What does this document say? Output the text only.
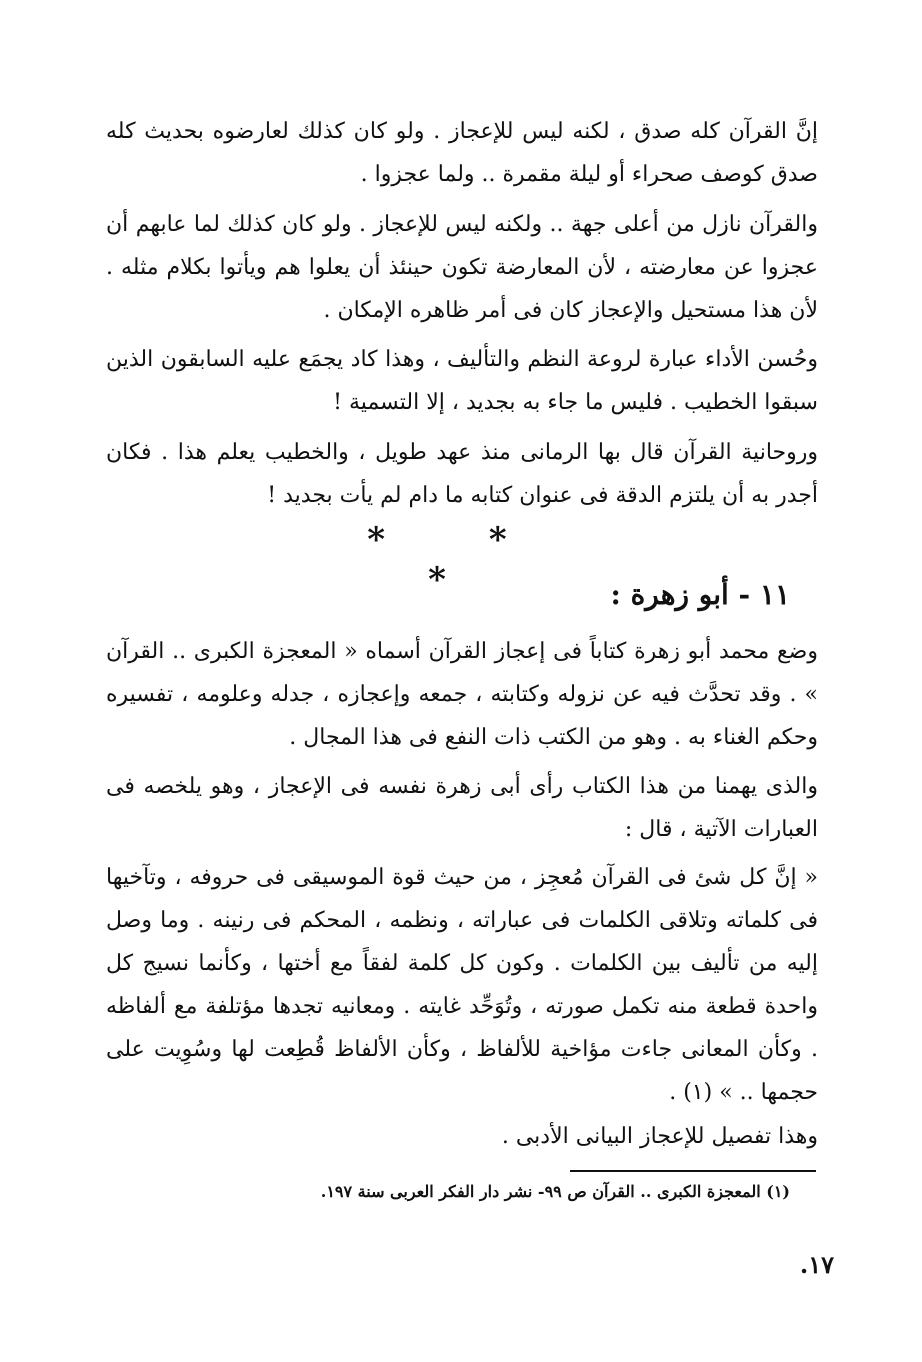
إنَّ القرآن كله صدق ، لكنه ليس للإعجاز . ولو كان كذلك لعارضوه بحديث كله صدق كوصف صحراء أو ليلة مقمرة .. ولما عجزوا .

والقرآن نازل من أعلى جهة .. ولكنه ليس للإعجاز . ولو كان كذلك لما عابهم أن عجزوا عن معارضته ، لأن المعارضة تكون حينئذ أن يعلوا هم ويأتوا بكلام مثله . لأن هذا مستحيل والإعجاز كان فى أمر ظاهره الإمكان .

وحُسن الأداء عبارة لروعة النظم والتأليف ، وهذا كاد يجمَع عليه السابقون الذين سبقوا الخطيب . فليس ما جاء به بجديد ، إلا التسمية !

وروحانية القرآن قال بها الرمانى منذ عهد طويل ، والخطيب يعلم هذا . فكان أجدر به أن يلتزم الدقة فى عنوان كتابه ما دام لم يأت بجديد !

* * *	١١ - أبو زهرة :

وضع محمد أبو زهرة كتاباً فى إعجاز القرآن أسماه « المعجزة الكبرى .. القرآن » . وقد تحدَّث فيه عن نزوله وكتابته ، جمعه وإعجازه ، جدله وعلومه ، تفسيره وحكم الغناء به . وهو من الكتب ذات النفع فى هذا المجال .

والذى يهمنا من هذا الكتاب رأى أبى زهرة نفسه فى الإعجاز ، وهو يلخصه فى العبارات الآتية ، قال :

« إنَّ كل شئ فى القرآن مُعجِز ، من حيث قوة الموسيقى فى حروفه ، وتآخيها فى كلماته وتلاقى الكلمات فى عباراته ، ونظمه ، المحكم فى رنينه . وما وصل إليه من تأليف بين الكلمات . وكون كل كلمة لفقاً مع أختها ، وكأنما نسيج كل واحدة قطعة منه تكمل صورته ، وتُوَحِّد غايته . ومعانيه تجدها مؤتلفة مع ألفاظه . وكأن المعانى جاءت مؤاخية للألفاظ ، وكأن الألفاظ قُطِعت لها وسُوِيت على حجمها .. » (١) .

وهذا تفصيل للإعجاز البيانى الأدبى .

(١) المعجزة الكبرى .. القرآن ص ٩٩- نشر دار الفكر العربى سنة ١٩٧.
١٧.
